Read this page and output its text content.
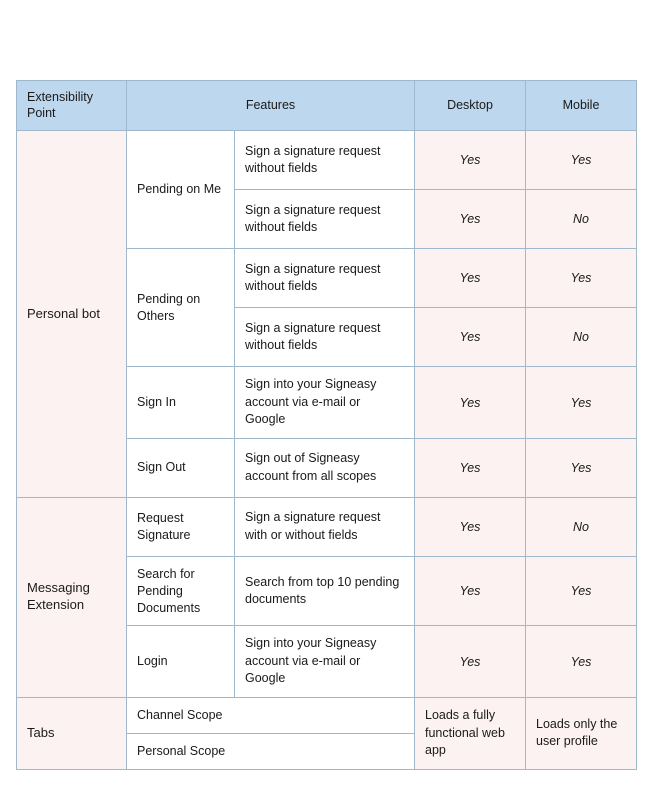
Extensibility Point	Features		Desktop	Mobile
Personal bot	Pending on Me	Sign a signature request without fields	Yes	Yes
		Sign a signature request without fields	Yes	No
	Pending on Others	Sign a signature request without fields	Yes	Yes
		Sign a signature request without fields	Yes	No
	Sign In	Sign into your Signeasy account via e-mail or Google	Yes	Yes
	Sign Out	Sign out of Signeasy account from all scopes	Yes	Yes
Messaging Extension	Request Signature	Sign a signature request with or without fields	Yes	No
	Search for Pending Documents	Search from top 10 pending documents	Yes	Yes
	Login	Sign into your Signeasy account via e-mail or Google	Yes	Yes
Tabs	Channel Scope		Loads a fully functional web app	Loads only the user profile
	Personal Scope			
